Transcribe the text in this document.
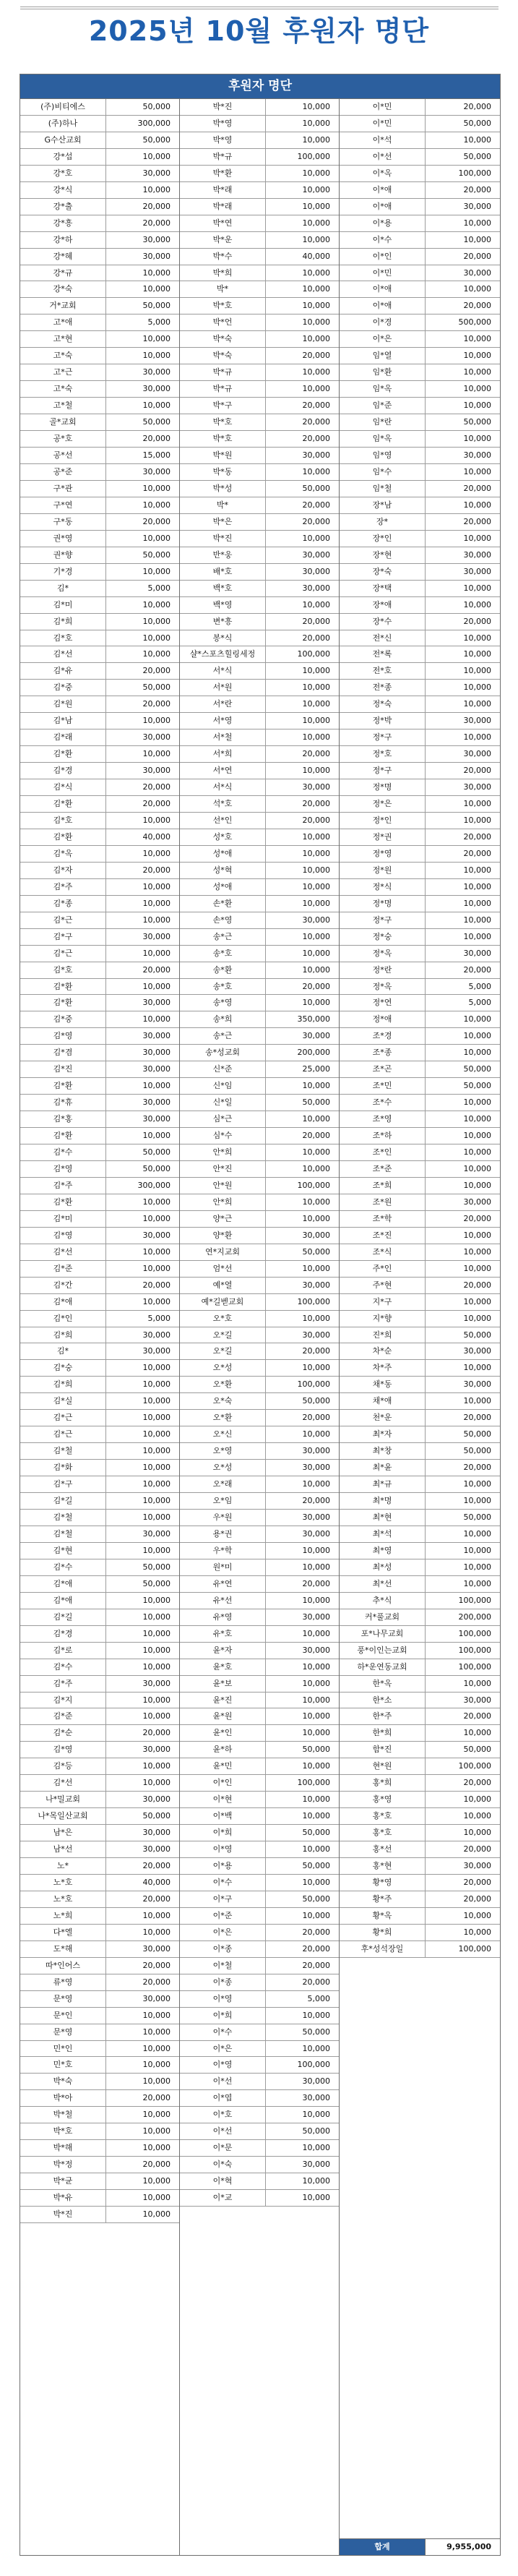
2025년 10월 후원자 명단
후원자 명단
(주)비티에스	50,000
(주)하나	300,000
G수산교회	50,000
강*섭	10,000
강*호	30,000
강*식	10,000
강*출	20,000
강*흥	20,000
강*하	30,000
강*혜	30,000
강*규	10,000
강*숙	10,000
거*교회	50,000
고*애	5,000
고*현	10,000
고*숙	10,000
고*근	30,000
고*숙	30,000
고*철	10,000
골*교회	50,000
공*호	20,000
공*선	15,000
공*준	30,000
구*관	10,000
구*연	10,000
구*동	20,000
권*영	10,000
권*향	50,000
기*경	10,000
김*	5,000
김*미	10,000
김*희	10,000
김*호	10,000
김*선	10,000
김*유	20,000
김*중	50,000
김*원	20,000
김*남	10,000
김*래	30,000
김*환	10,000
김*경	30,000
김*식	20,000
김*환	20,000
김*호	10,000
김*환	40,000
김*옥	10,000
김*자	20,000
김*주	10,000
김*종	10,000
김*근	10,000
김*구	30,000
김*근	10,000
김*호	20,000
김*환	10,000
김*환	30,000
김*중	10,000
김*영	30,000
김*겸	30,000
김*진	30,000
김*환	10,000
김*휴	30,000
김*홍	30,000
김*환	10,000
김*수	50,000
김*영	50,000
김*주	300,000
김*환	10,000
김*미	10,000
김*영	30,000
김*선	10,000
김*준	10,000
김*간	20,000
김*애	10,000
김*인	5,000
김*희	30,000
김*	30,000
김*숭	10,000
김*희	10,000
김*실	10,000
김*근	10,000
김*근	10,000
김*철	10,000
김*화	10,000
김*구	10,000
김*길	10,000
김*철	10,000
김*철	30,000
김*현	10,000
김*수	50,000
김*애	50,000
김*애	10,000
김*길	10,000
김*경	10,000
김*로	10,000
김*수	10,000
김*주	30,000
김*지	10,000
김*준	10,000
김*순	20,000
김*영	30,000
김*등	10,000
김*선	10,000
나*밀교회	30,000
나*목일산교회	50,000
남*은	30,000
남*선	30,000
노*	20,000
노*호	40,000
노*호	20,000
노*희	10,000
다*엘	10,000
도*해	30,000
따*인어스	20,000
류*영	20,000
문*영	30,000
문*인	10,000
문*영	10,000
민*인	10,000
민*호	10,000
박*숙	10,000
박*아	20,000
박*철	10,000
박*호	10,000
박*해	10,000
박*정	20,000
박*균	10,000
박*유	10,000
박*진	10,000
박*진	10,000
박*영	10,000
박*영	10,000
박*규	100,000
박*환	10,000
박*래	10,000
박*래	10,000
박*연	10,000
박*운	10,000
박*수	40,000
박*희	10,000
박*	10,000
박*호	10,000
박*언	10,000
박*숙	10,000
박*숙	20,000
박*규	10,000
박*규	10,000
박*구	20,000
박*호	20,000
박*호	20,000
박*원	30,000
박*동	10,000
박*성	50,000
박*	20,000
박*은	20,000
박*진	10,000
반*웅	30,000
배*호	30,000
백*호	30,000
백*영	10,000
변*흥	20,000
봉*식	20,000
샬*스포츠힐링세정	100,000
서*식	10,000
서*원	10,000
서*란	10,000
서*영	10,000
서*철	10,000
서*희	20,000
서*연	10,000
서*식	30,000
석*호	20,000
선*인	20,000
성*호	10,000
성*애	10,000
성*혁	10,000
성*애	10,000
손*환	10,000
손*영	30,000
송*근	10,000
송*호	10,000
송*환	10,000
송*호	20,000
송*영	10,000
송*희	350,000
송*근	30,000
송*성교회	200,000
신*준	25,000
신*임	10,000
신*일	50,000
심*근	10,000
심*수	20,000
안*희	10,000
안*진	10,000
안*원	100,000
안*희	10,000
양*근	10,000
양*환	30,000
연*지교회	50,000
엄*선	10,000
예*열	30,000
예*길벧교회	100,000
오*호	10,000
오*길	30,000
오*길	20,000
오*성	10,000
오*환	100,000
오*숙	50,000
오*환	20,000
오*신	10,000
오*영	30,000
오*성	30,000
오*래	10,000
오*임	20,000
우*원	30,000
용*권	30,000
우*학	10,000
원*미	10,000
유*연	20,000
유*선	10,000
유*영	30,000
유*호	10,000
윤*자	30,000
윤*호	10,000
윤*보	10,000
윤*진	10,000
윤*원	10,000
윤*인	10,000
윤*하	50,000
윤*민	10,000
이*인	100,000
이*현	10,000
이*백	10,000
이*희	50,000
이*영	10,000
이*용	50,000
이*수	10,000
이*구	50,000
이*준	10,000
이*은	20,000
이*종	20,000
이*철	20,000
이*종	20,000
이*영	5,000
이*희	10,000
이*수	50,000
이*은	10,000
이*영	100,000
이*선	30,000
이*엽	30,000
이*호	10,000
이*선	50,000
이*문	10,000
이*숙	30,000
이*혁	10,000
이*교	10,000
이*민	20,000
이*민	50,000
이*석	10,000
이*선	50,000
이*옥	100,000
이*애	20,000
이*애	30,000
이*용	10,000
이*수	10,000
이*인	20,000
이*민	30,000
이*애	10,000
이*애	20,000
이*경	500,000
이*은	10,000
임*열	10,000
임*환	10,000
임*옥	10,000
임*준	10,000
임*란	50,000
임*옥	10,000
임*영	30,000
임*수	10,000
임*철	20,000
장*남	10,000
장*	20,000
장*인	10,000
장*현	30,000
장*숙	30,000
장*택	10,000
장*애	10,000
장*수	20,000
전*신	10,000
전*록	10,000
전*호	10,000
전*종	10,000
정*숙	10,000
정*박	30,000
정*구	10,000
정*호	30,000
정*구	20,000
정*명	30,000
정*은	10,000
정*인	10,000
정*권	20,000
정*영	20,000
정*원	10,000
정*식	10,000
정*명	10,000
정*구	10,000
정*숭	10,000
정*옥	30,000
정*란	20,000
정*옥	5,000
정*연	5,000
정*애	10,000
조*경	10,000
조*종	10,000
조*곤	50,000
조*민	50,000
조*수	10,000
조*영	10,000
조*하	10,000
조*인	10,000
조*준	10,000
조*희	10,000
조*원	30,000
조*학	20,000
조*진	10,000
조*식	10,000
주*인	10,000
주*현	20,000
지*구	10,000
지*향	10,000
진*희	50,000
차*순	30,000
차*주	10,000
채*동	30,000
채*애	10,000
천*운	20,000
최*자	50,000
최*창	50,000
최*윤	20,000
최*규	10,000
최*명	10,000
최*현	50,000
최*석	10,000
최*영	10,000
최*성	10,000
최*선	10,000
추*식	100,000
커*풀교회	200,000
포*나무교회	100,000
풍*이인는교회	100,000
하*운연동교회	100,000
한*옥	10,000
한*소	30,000
한*주	20,000
한*희	10,000
함*진	50,000
현*원	100,000
홍*희	20,000
홍*영	10,000
홍*호	10,000
홍*호	10,000
홍*선	20,000
홍*현	30,000
황*영	20,000
황*주	20,000
황*옥	10,000
황*희	10,000
후*성석장일	100,000
합계	9,955,000
